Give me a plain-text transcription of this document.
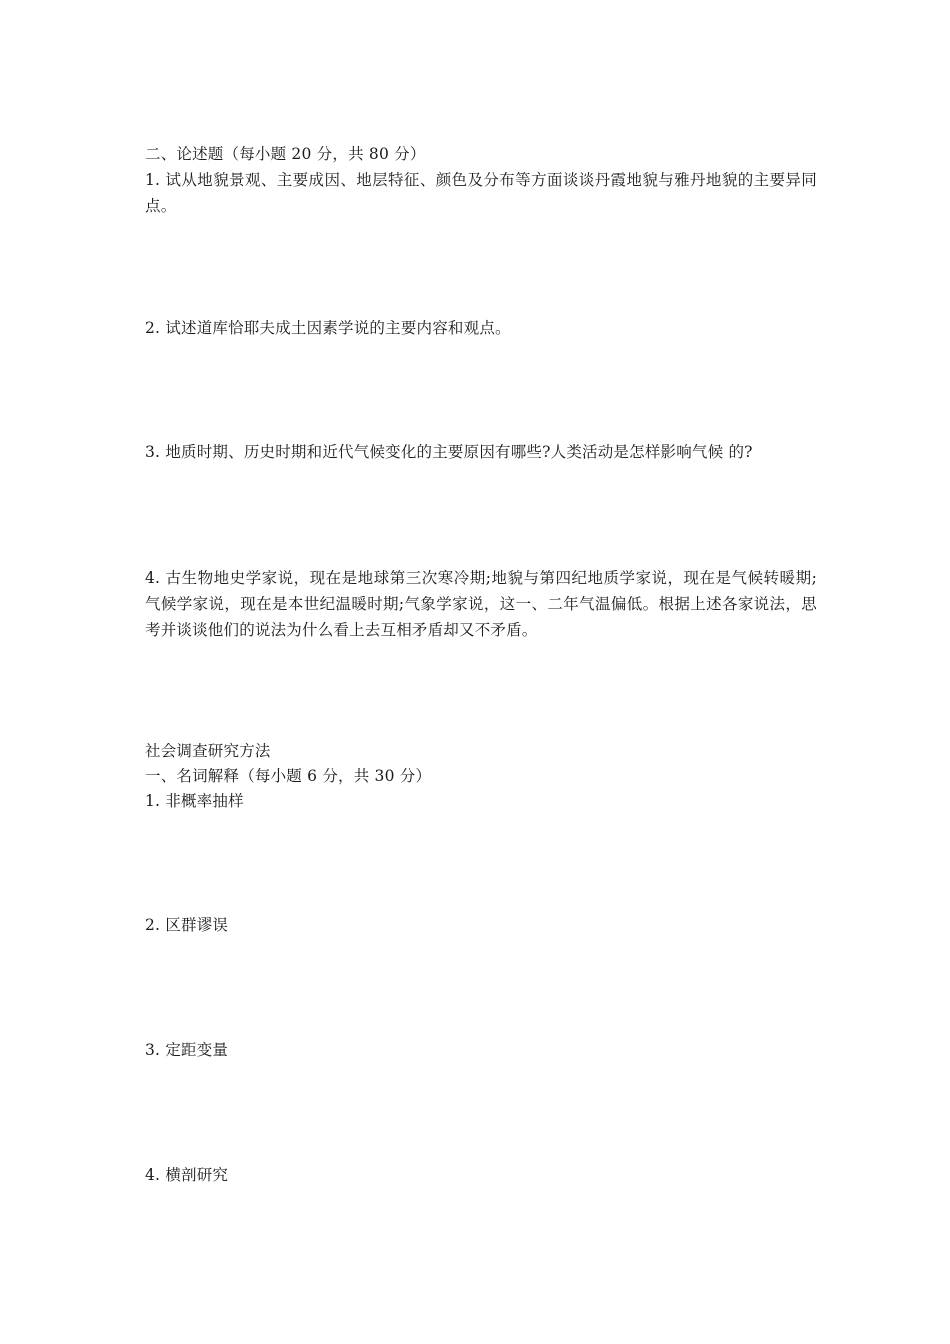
二、论述题（每小题 20 分，共 80 分）
1. 试从地貌景观、主要成因、地层特征、颜色及分布等方面谈谈丹霞地貌与雅丹地貌的主要异同点。
2. 试述道库恰耶夫成土因素学说的主要内容和观点。
3. 地质时期、历史时期和近代气候变化的主要原因有哪些?人类活动是怎样影响气候 的?
4. 古生物地史学家说，现在是地球第三次寒冷期;地貌与第四纪地质学家说，现在是气候转暖期;气候学家说，现在是本世纪温暖时期;气象学家说，这一、二年气温偏低。根据上述各家说法，思考并谈谈他们的说法为什么看上去互相矛盾却又不矛盾。
社会调查研究方法
一、名词解释（每小题 6 分，共 30 分）
1. 非概率抽样
2. 区群谬误
3. 定距变量
4. 横剖研究
